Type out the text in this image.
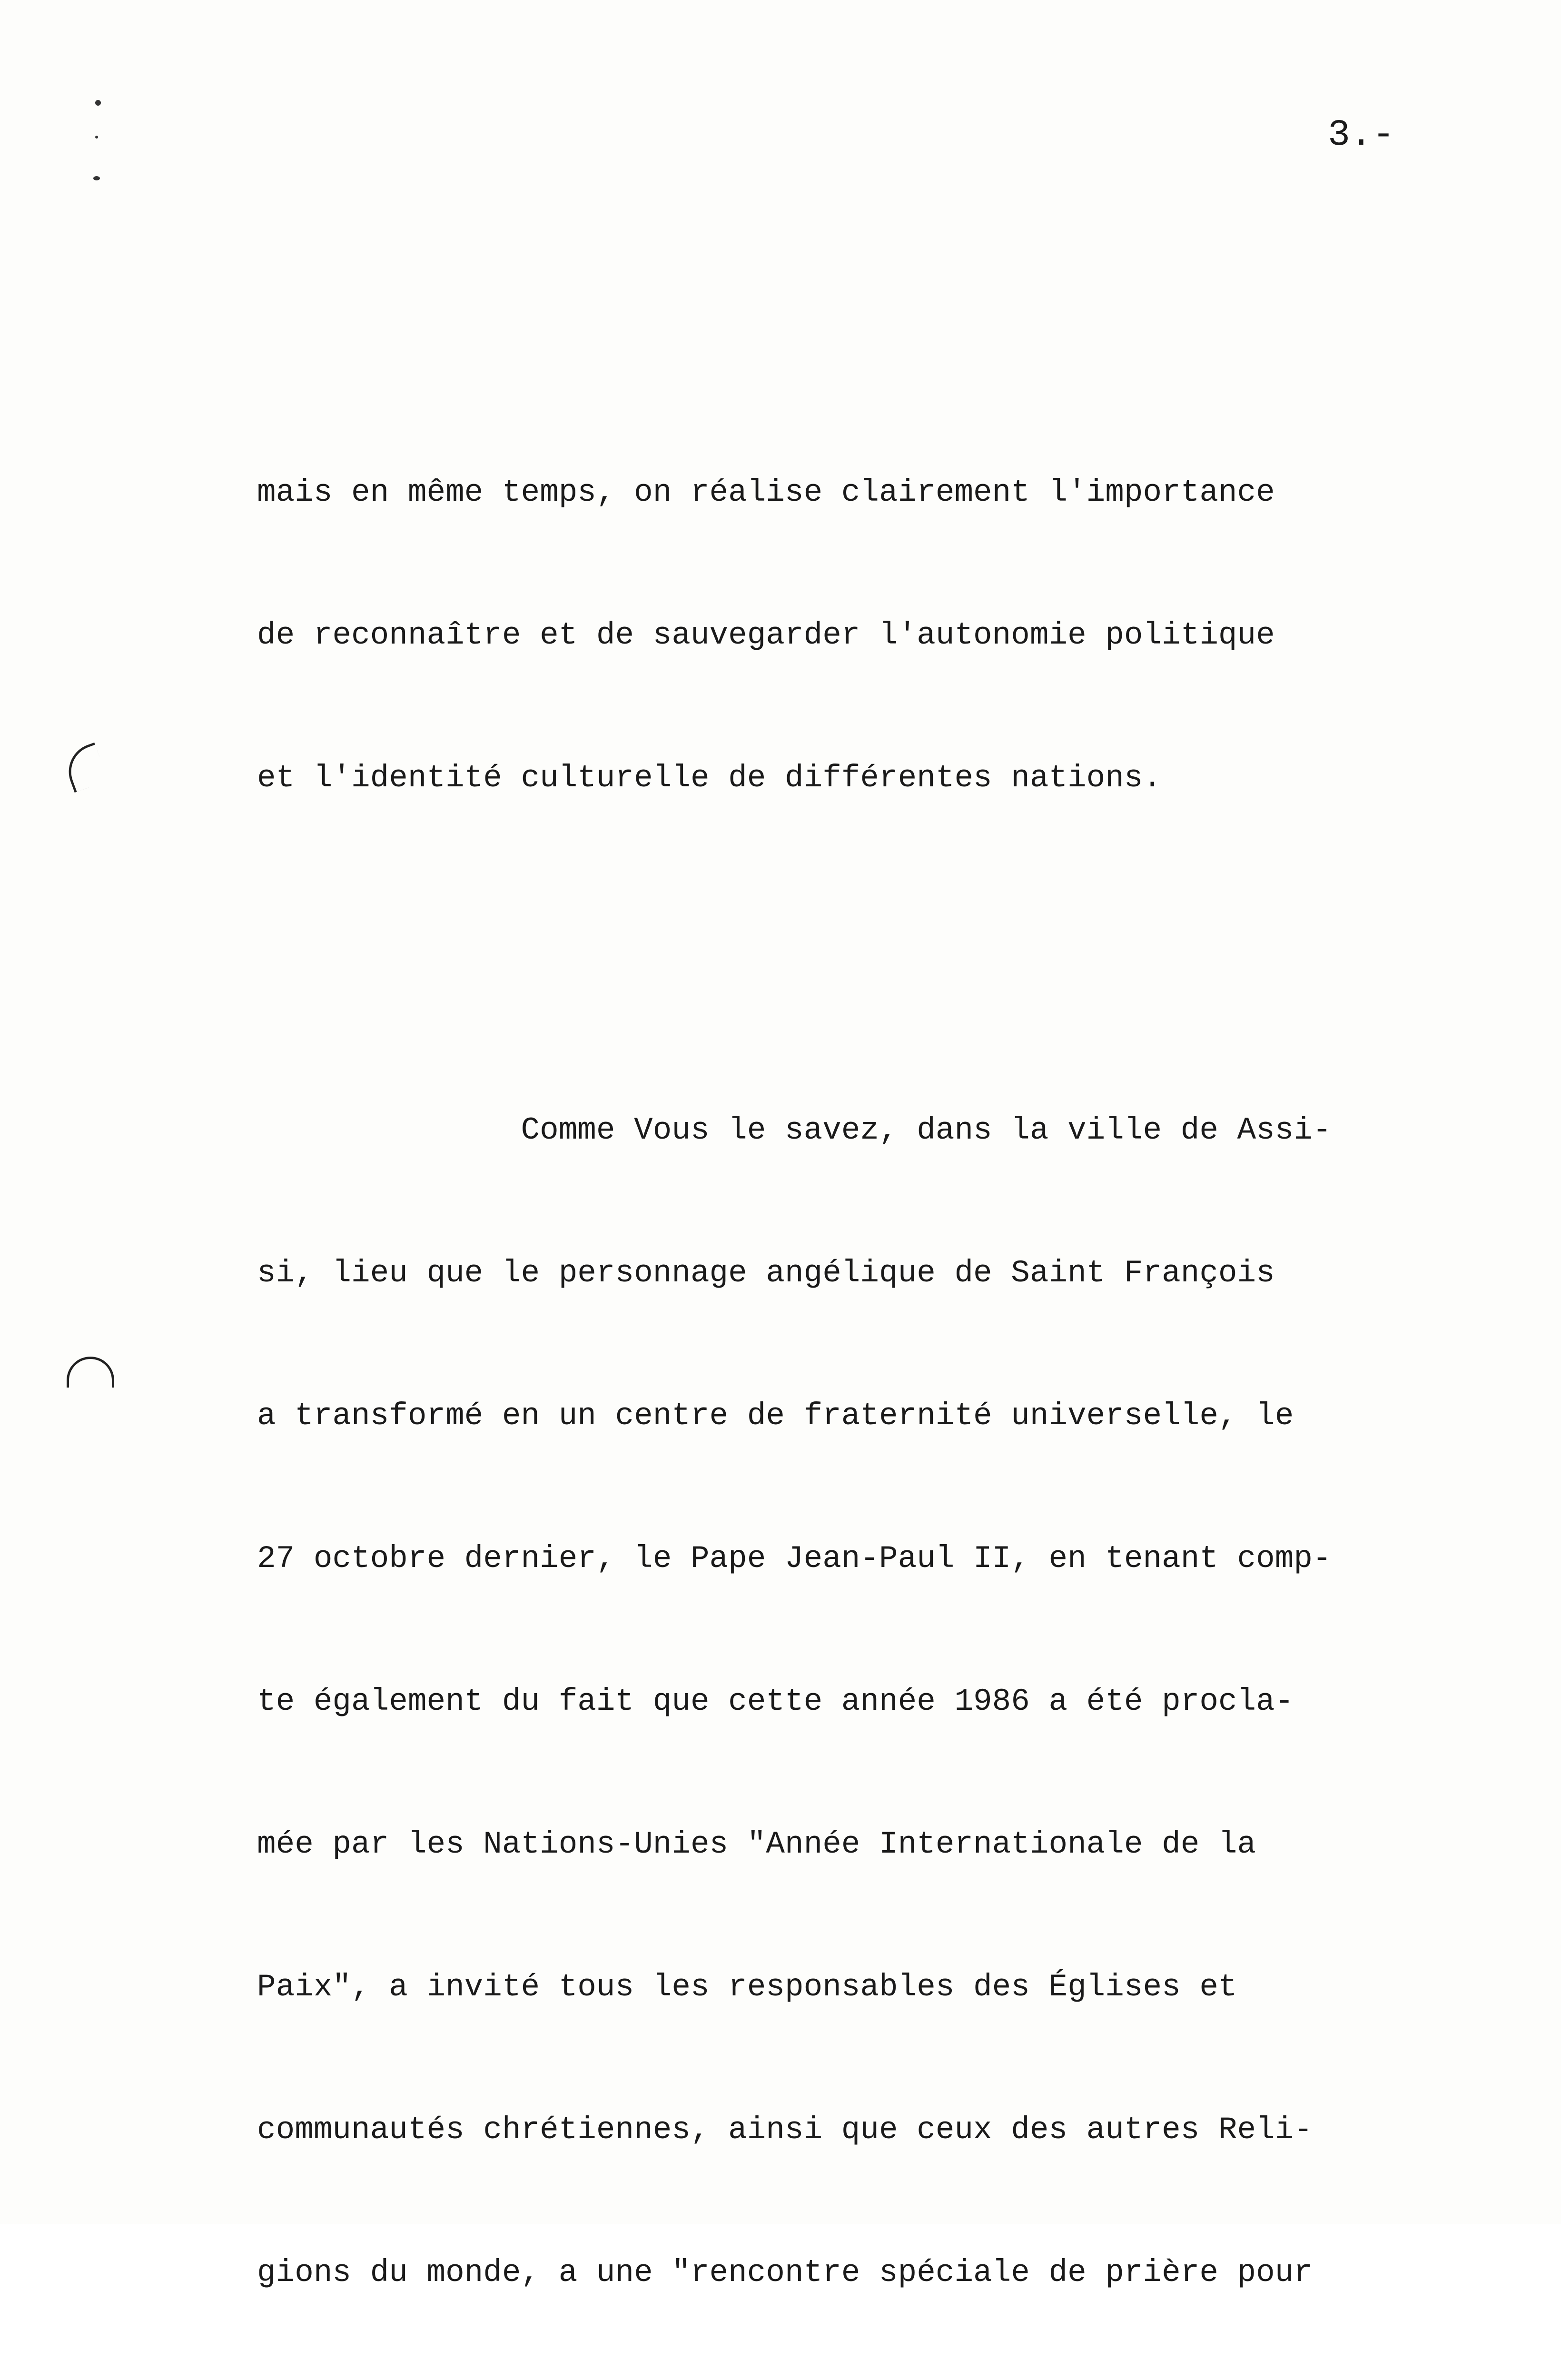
3.-

mais en même temps, on réalise clairement l'importance

de reconnaître et de sauvegarder l'autonomie politique

et l'identité culturelle de différentes nations.

Comme Vous le savez, dans la ville de Assi-

si, lieu que le personnage angélique de Saint François

a transformé en un centre de fraternité universelle, le

27 octobre dernier, le Pape Jean-Paul II, en tenant comp-

te également du fait que cette année 1986 a été procla-

mée par les Nations-Unies "Année Internationale de la

Paix", a invité tous les responsables des Églises et

communautés chrétiennes, ainsi que ceux des autres Reli-

gions du monde, a une "rencontre spéciale de prière pour
